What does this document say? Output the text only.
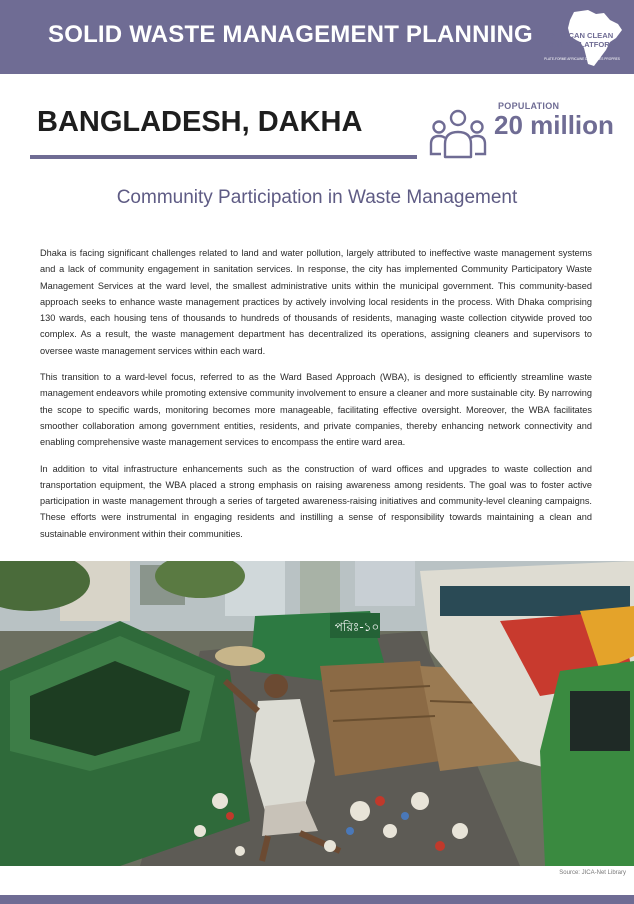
SOLID WASTE MANAGEMENT PLANNING AFRICAN CLEAN
CITIES PLATFORM
PLATE-FORME AFRICAINE DES VILLES PROPRES
BANGLADESH, DAKHA	POPULATION
20 million
Community Participation in Waste Management

Dhaka is facing significant challenges related to land and water pollution, largely attributed to ineffective waste management systems and a lack of community engagement in sanitation services. In response, the city has implemented Community Participatory Waste Management Services at the ward level, the smallest administrative units within the municipal government. This community-based approach seeks to enhance waste management practices by actively involving local residents in the process. With Dhaka comprising 130 wards, each housing tens of thousands to hundreds of thousands of residents, managing waste collection citywide proved too complex. As a result, the waste management department has decentralized its operations, assigning cleaners and supervisors to oversee waste management services within each ward.

This transition to a ward-level focus, referred to as the Ward Based Approach (WBA), is designed to efficiently streamline waste management endeavors while promoting extensive community involvement to ensure a cleaner and more sustainable city. By narrowing the scope to specific wards, monitoring becomes more manageable, facilitating effective oversight. Moreover, the WBA facilitates smoother collaboration among government entities, residents, and private companies, thereby enhancing network connectivity and enabling comprehensive waste management services to encompass the entire ward area.

In addition to vital infrastructure enhancements such as the construction of ward offices and upgrades to waste collection and transportation equipment, the WBA placed a strong emphasis on raising awareness among residents. The goal was to foster active participation in waste management through a series of targeted awareness-raising initiatives and community-level cleaning campaigns. These efforts were instrumental in engaging residents and instilling a sense of responsibility towards maintaining a clean and sustainable environment within their communities.

পরিঃ-১০
Source: JICA-Net Library
